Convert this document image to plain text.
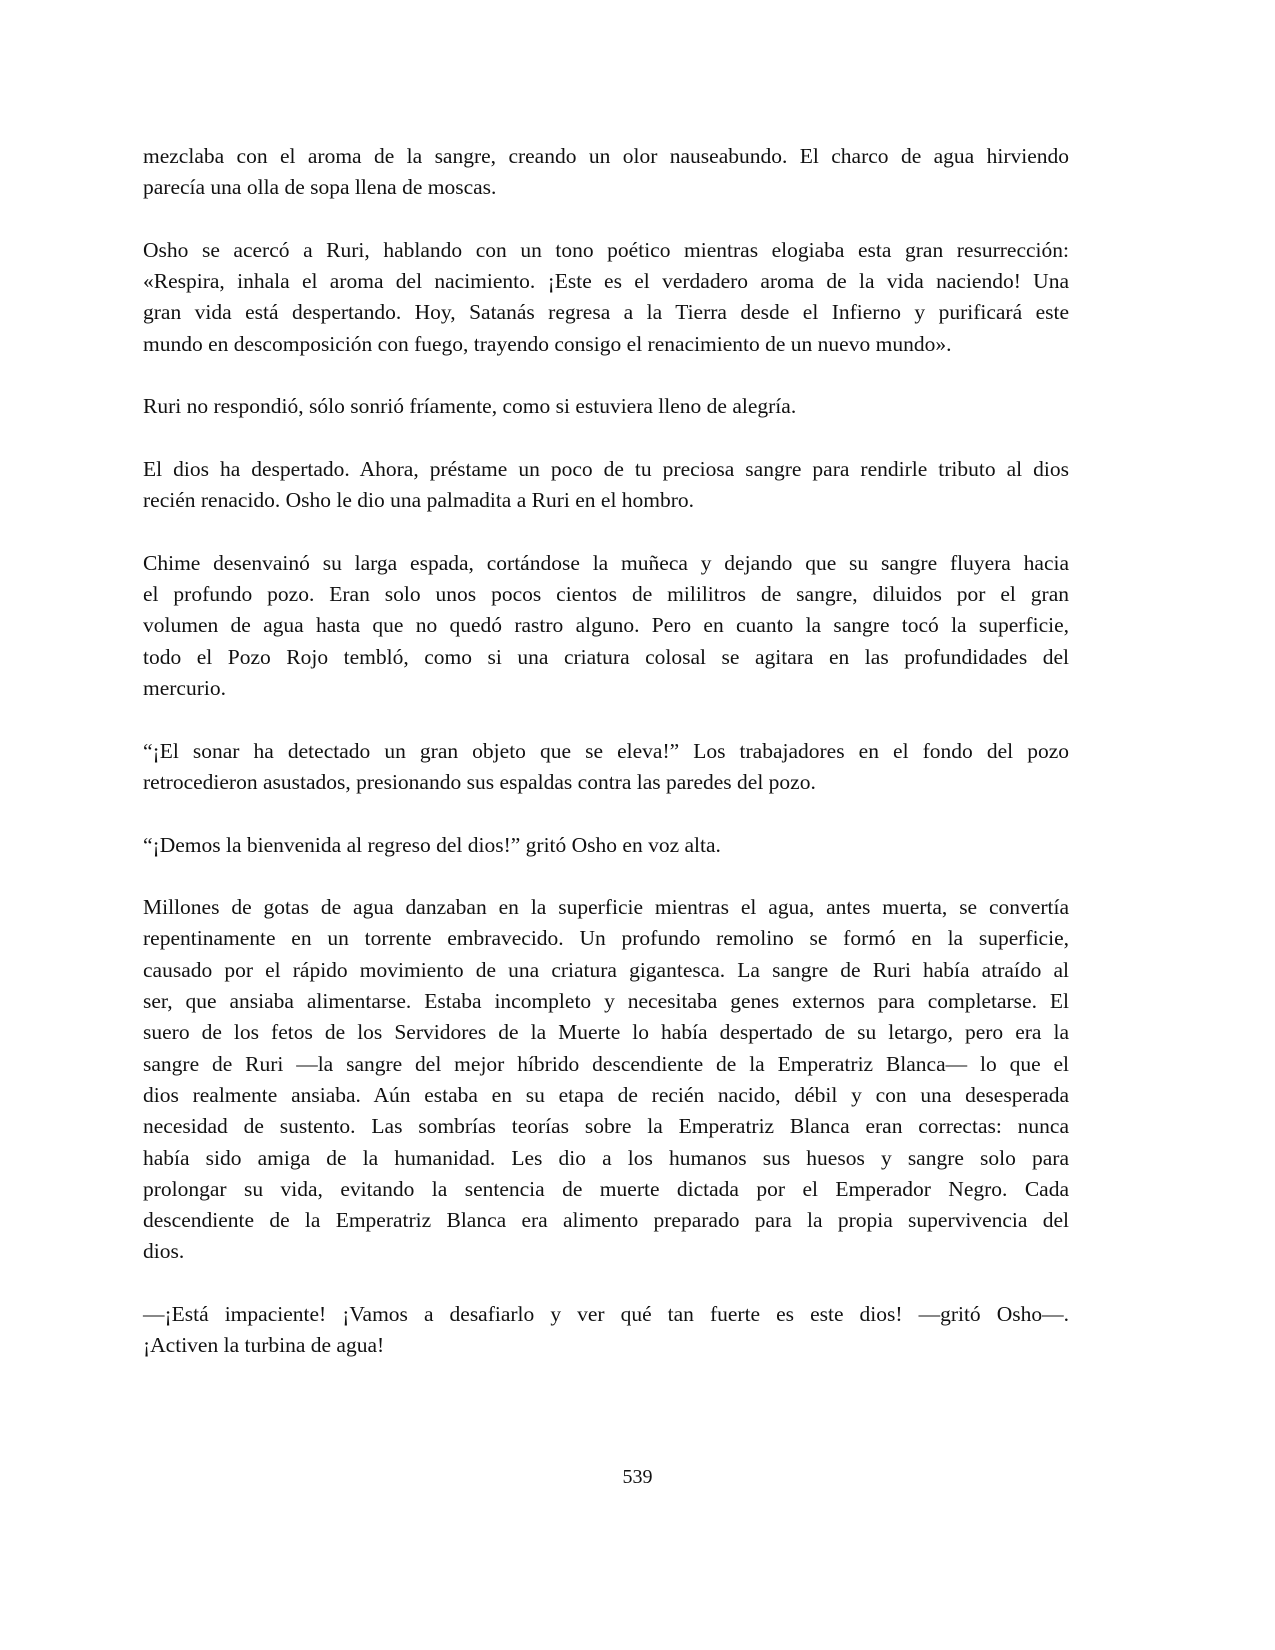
mezclaba con el aroma de la sangre, creando un olor nauseabundo. El charco de agua hirviendo
parecía una olla de sopa llena de moscas.
Osho se acercó a Ruri, hablando con un tono poético mientras elogiaba esta gran resurrección:
«Respira, inhala el aroma del nacimiento. ¡Este es el verdadero aroma de la vida naciendo! Una
gran vida está despertando. Hoy, Satanás regresa a la Tierra desde el Infierno y purificará este
mundo en descomposición con fuego, trayendo consigo el renacimiento de un nuevo mundo».
Ruri no respondió, sólo sonrió fríamente, como si estuviera lleno de alegría.
El dios ha despertado. Ahora, préstame un poco de tu preciosa sangre para rendirle tributo al dios
recién renacido. Osho le dio una palmadita a Ruri en el hombro.
Chime desenvainó su larga espada, cortándose la muñeca y dejando que su sangre fluyera hacia
el profundo pozo. Eran solo unos pocos cientos de mililitros de sangre, diluidos por el gran
volumen de agua hasta que no quedó rastro alguno. Pero en cuanto la sangre tocó la superficie,
todo el Pozo Rojo tembló, como si una criatura colosal se agitara en las profundidades del
mercurio.
“¡El sonar ha detectado un gran objeto que se eleva!” Los trabajadores en el fondo del pozo
retrocedieron asustados, presionando sus espaldas contra las paredes del pozo.
“¡Demos la bienvenida al regreso del dios!” gritó Osho en voz alta.
Millones de gotas de agua danzaban en la superficie mientras el agua, antes muerta, se convertía
repentinamente en un torrente embravecido. Un profundo remolino se formó en la superficie,
causado por el rápido movimiento de una criatura gigantesca. La sangre de Ruri había atraído al
ser, que ansiaba alimentarse. Estaba incompleto y necesitaba genes externos para completarse. El
suero de los fetos de los Servidores de la Muerte lo había despertado de su letargo, pero era la
sangre de Ruri —la sangre del mejor híbrido descendiente de la Emperatriz Blanca— lo que el
dios realmente ansiaba. Aún estaba en su etapa de recién nacido, débil y con una desesperada
necesidad de sustento. Las sombrías teorías sobre la Emperatriz Blanca eran correctas: nunca
había sido amiga de la humanidad. Les dio a los humanos sus huesos y sangre solo para
prolongar su vida, evitando la sentencia de muerte dictada por el Emperador Negro. Cada
descendiente de la Emperatriz Blanca era alimento preparado para la propia supervivencia del
dios.
—¡Está impaciente! ¡Vamos a desafiarlo y ver qué tan fuerte es este dios! —gritó Osho—.
¡Activen la turbina de agua!
539
